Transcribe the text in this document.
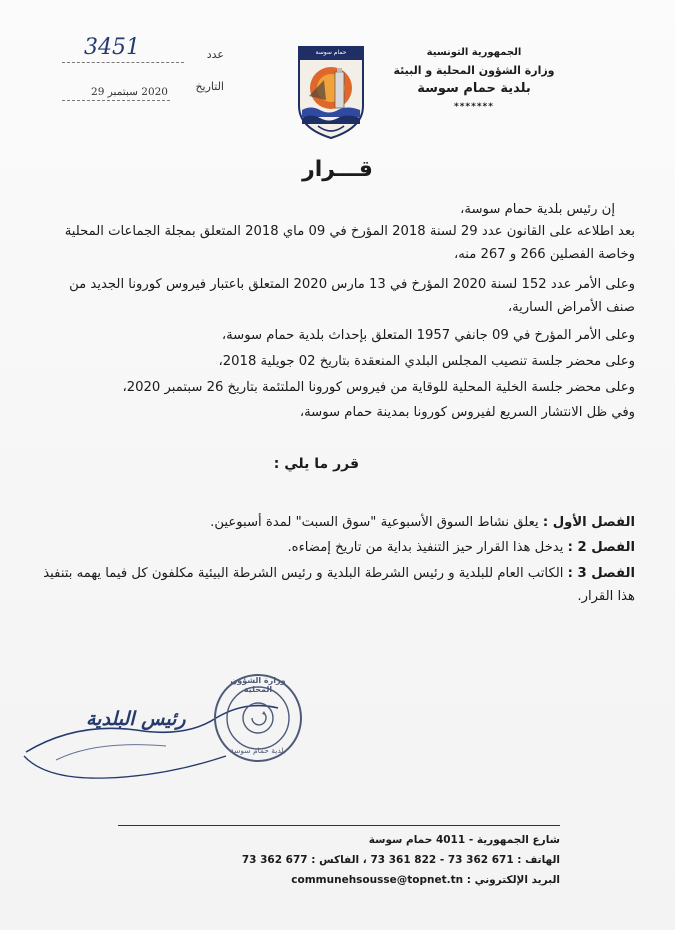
الجمهورية التونسية
وزارة الشؤون المحلية و البيئة
بلدية حمام سوسة
*******
حمام سوسة
عدد
3451
التاريخ
2020 سبتمبر 29
قـــرار
إن رئيس بلدية حمام سوسة،
بعد اطلاعه على القانون عدد 29 لسنة 2018 المؤرخ في 09 ماي 2018 المتعلق بمجلة الجماعات المحلية وخاصة الفصلين 266 و 267 منه،
وعلى الأمر عدد 152 لسنة 2020 المؤرخ في 13 مارس 2020 المتعلق باعتبار فيروس كورونا الجديد من صنف الأمراض السارية،
وعلى الأمر المؤرخ في 09 جانفي 1957 المتعلق بإحداث بلدية حمام سوسة،
وعلى محضر جلسة تنصيب المجلس البلدي المنعقدة بتاريخ 02 جويلية 2018،
وعلى محضر جلسة الخلية المحلية للوقاية من فيروس كورونا الملتئمة بتاريخ 26 سبتمبر 2020،
وفي ظل الانتشار السريع لفيروس كورونا بمدينة حمام سوسة،
قرر ما يلي :
الفصل الأول : يعلق نشاط السوق الأسبوعية "سوق السبت" لمدة أسبوعين.
الفصل 2 : يدخل هذا القرار حيز التنفيذ بداية من تاريخ إمضاءه.
الفصل 3 : الكاتب العام للبلدية و رئيس الشرطة البلدية و رئيس الشرطة البيئية مكلفون كل فيما يهمه بتنفيذ هذا القرار.
رئيس البلدية
وزارة الشؤون المحلية
بلدية حمام سوسة
شارع الجمهورية - 4011 حمام سوسة
الهاتف : 73 361 822 - 73 362 671 ، الفاكس : 73 362 677
البريد الإلكتروني : communehsousse@topnet.tn
